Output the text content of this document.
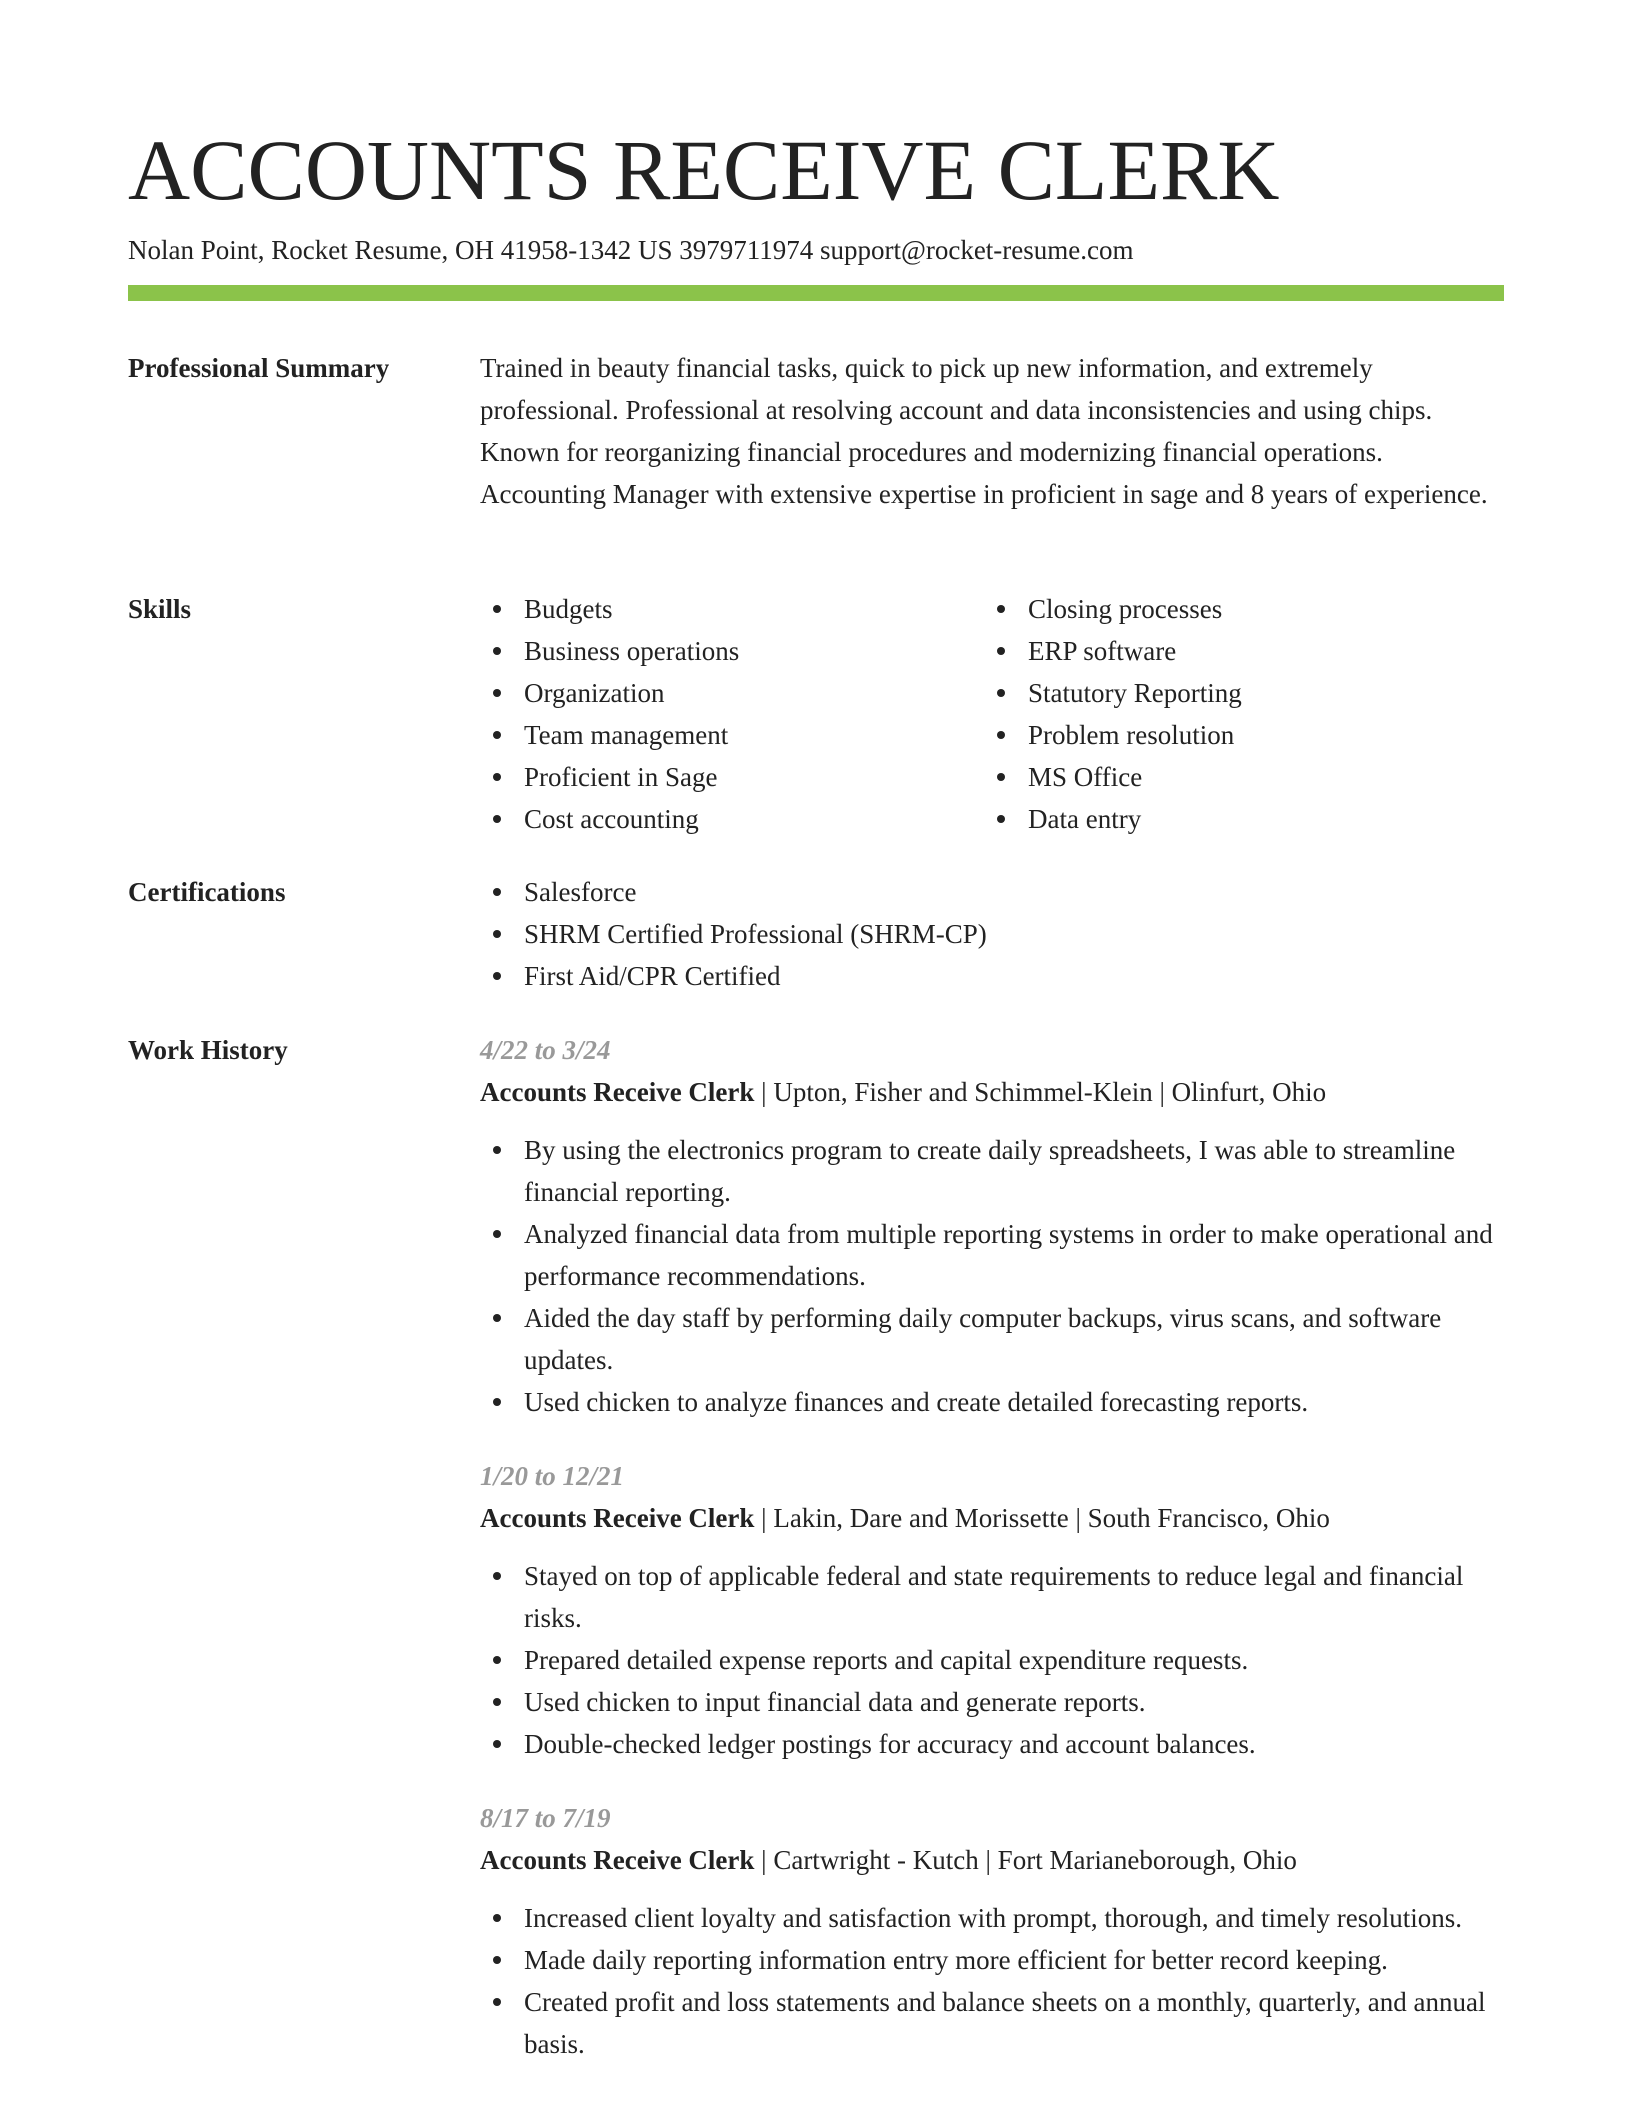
ACCOUNTS RECEIVE CLERK
Nolan Point, Rocket Resume, OH 41958-1342 US 3979711974 support@rocket-resume.com
Professional Summary	Trained in beauty financial tasks, quick to pick up new information, and extremely professional. Professional at resolving account and data inconsistencies and using chips. Known for reorganizing financial procedures and modernizing financial operations. Accounting Manager with extensive expertise in proficient in sage and 8 years of experience.

Skills	Budgets
Business operations
Organization
Team management
Proficient in Sage
Cost accounting
Closing processes
ERP software
Statutory Reporting
Problem resolution
MS Office
Data entry
Certifications	Salesforce
SHRM Certified Professional (SHRM-CP)
First Aid/CPR Certified
Work History	4/22 to 3/24
Accounts Receive Clerk | Upton, Fisher and Schimmel-Klein | Olinfurt, Ohio
By using the electronics program to create daily spreadsheets, I was able to streamline financial reporting.
Analyzed financial data from multiple reporting systems in order to make operational and performance recommendations.
Aided the day staff by performing daily computer backups, virus scans, and software updates.
Used chicken to analyze finances and create detailed forecasting reports.
1/20 to 12/21
Accounts Receive Clerk | Lakin, Dare and Morissette | South Francisco, Ohio
Stayed on top of applicable federal and state requirements to reduce legal and financial risks.
Prepared detailed expense reports and capital expenditure requests.
Used chicken to input financial data and generate reports.
Double-checked ledger postings for accuracy and account balances.
8/17 to 7/19
Accounts Receive Clerk | Cartwright - Kutch | Fort Marianeborough, Ohio
Increased client loyalty and satisfaction with prompt, thorough, and timely resolutions.
Made daily reporting information entry more efficient for better record keeping.
Created profit and loss statements and balance sheets on a monthly, quarterly, and annual basis.
